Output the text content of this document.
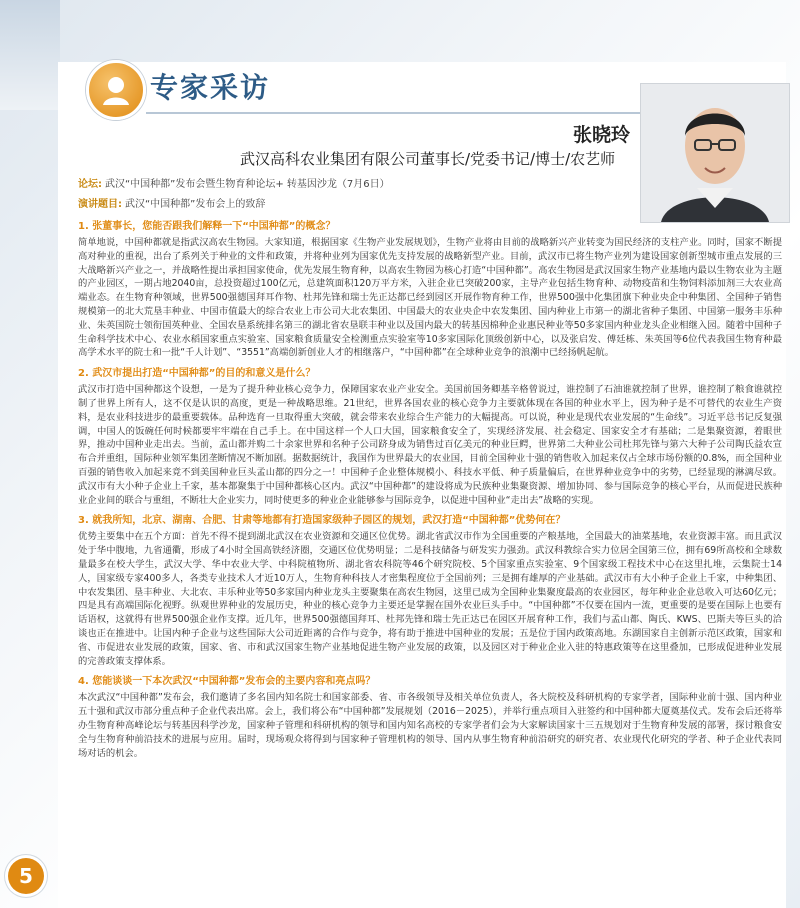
专家采访
张晓玲
武汉高科农业集团有限公司董事长/党委书记/博士/农艺师
论坛: 武汉“中国种都”发布会暨生物育种论坛+ 转基因沙龙（7月6日）
演讲题目: 武汉“中国种都”发布会上的致辞
1. 张董事长，您能否跟我们解释一下“中国种都”的概念？
简单地说，中国种都就是指武汉高农生物园。大家知道，根据国家《生物产业发展规划》，生物产业将由目前的战略新兴产业转变为国民经济的支柱产业。同时，国家不断提高对种业的重视，出台了系列关于种业的文件和政策，并将种业列为国家优先支持发展的战略新型产业。目前，武汉市已将生物产业列为建设国家创新型城市重点发展的三大战略新兴产业之一，并战略性提出承担国家使命，优先发展生物育种，以高农生物园为核心打造“中国种都”。高农生物园是武汉国家生物产业基地内最以生物农业为主题的产业园区，一期占地2040亩，总投资超过100亿元，总建筑面积120万平方米，入驻企业已突破200家，主导产业包括生物育种、动物疫苗和生物饲料添加剂三大农业高端业态。在生物育种领域，世界500强德国拜耳作物、杜邦先锋和瑞士先正达都已经到园区开展作物育种工作，世界500强中化集团旗下种业央企中种集团、全国种子销售规模第一的北大荒垦丰种业、中国市值最大的综合农业上市公司大北农集团、中国最大的农业央企中农发集团、国内种业上市第一的湖北省种子集团、中国第一服务丰乐种业、朱英国院士领衔国英种业、全国农垦系统排名第三的湖北省农垦联丰种业以及国内最大的转基因棉种企业惠民种业等50多家国内种业龙头企业相继入园。随着中国种子生命科学技术中心、农业水稻国家重点实验室、国家粮食质量安全检测重点实验室等10多家国际化顶级创新中心，以及张启发、傅廷栋、朱英国等6位代表我国生物育种最高学术水平的院士和一批“千人计划”、“3551”高端创新创业人才的相继落户，“中国种都”在全球种业竞争的浪潮中已经扬帆起航。
2. 武汉市提出打造“中国种都”的目的和意义是什么？
武汉市打造中国种都这个设想，一是为了提升种业核心竞争力，保障国家农业产业安全。美国前国务卿基辛格曾说过，谁控制了石油谁就控制了世界，谁控制了粮食谁就控制了世界上所有人，这不仅是认识的高度，更是一种战略思维。21世纪，世界各国农业的核心竞争力主要就体现在各国的种业水平上，因为种子是不可替代的农业生产资料，是农业科技进步的最重要载体。品种选育一旦取得重大突破，就会带来农业综合生产能力的大幅提高。可以说，种业是现代农业发展的“生命线”。习近平总书记反复强调，中国人的饭碗任何时候都要牢牢端在自己手上。在中国这样一个人口大国，国家粮食安全了，实现经济发展、社会稳定、国家安全才有基础；二是集聚资源，着眼世界，推动中国种业走出去。当前，孟山都并购二十余家世界和名种子公司跻身成为销售过百亿美元的种业巨鳄，世界第二大种业公司杜邦先锋与第六大种子公司陶氏益农宣布合并重组，国际种业领军集团垄断情况不断加剧。据数据统计，我国作为世界最大的农业国，目前全国种业十强的销售收入加起来仅占全球市场份额的0.8%，而全国种业百强的销售收入加起来竟不到美国种业巨头孟山都的四分之一！中国种子企业整体规模小、科技水平低、种子质量偏后，在世界种业竞争中的劣势，已经显现的淋漓尽致。武汉市有大小种子企业上千家，基本都聚集于中国种都核心区内。武汉“中国种都”的建设将成为民族种业集聚资源、增加协同、参与国际竞争的核心平台，从而促进民族种业企业间的联合与重组，不断壮大企业实力，同时使更多的种业企业能够参与国际竞争，以促进中国种业“走出去”战略的实现。
3. 就我所知，北京、湖南、合肥、甘肃等地都有打造国家级种子园区的规划，武汉打造“中国种都”优势何在？
优势主要集中在五个方面：首先不得不提到湖北武汉在农业资源和交通区位优势。湖北省武汉市作为全国重要的产粮基地，全国最大的油菜基地，农业资源丰富。而且武汉处于华中腹地，九省通衢，形成了4小时全国高铁经济圈，交通区位优势明显；二是科技储备与研发实力强劲。武汉科教综合实力位居全国第三位，拥有69所高校和全球数量最多在校大学生，武汉大学、华中农业大学、中科院植物所、湖北省农科院等46个研究院校、5个国家重点实验室、9个国家级工程技术中心在这里扎堆，云集院士14人，国家级专家400多人，各类专业技术人才近10万人，生物育种科技人才密集程度位于全国前列；三是拥有雄厚的产业基础。武汉市有大小种子企业上千家，中种集团、中农发集团、垦丰种业、大北农、丰乐种业等50多家国内种业龙头主要聚集在高农生物园，这里已成为全国种业集聚度最高的农业园区，每年种业企业总收入可达60亿元；四是具有高端国际化视野。纵观世界种业的发展历史，种业的核心竞争力主要还是掌握在国外农业巨头手中。“中国种都”不仅要在国内一流，更重要的是要在国际上也要有话语权，这就得有世界500强企业作支撑。近几年，世界500强德国拜耳、杜邦先锋和瑞士先正达已在园区开展育种工作，我们与孟山都、陶氏、KWS、巴斯夫等巨头的洽谈也正在推进中。让国内种子企业与这些国际大公司近距离的合作与竞争，将有助于推进中国种业的发展；五是位于国内政策高地。东湖国家自主创新示范区政策，国家和省、市促进农业发展的政策，国家、省、市和武汉国家生物产业基地促进生物产业发展的政策，以及园区对于种业企业入驻的特惠政策等在这里叠加，已形成促进种业发展的完善政策支撑体系。
4. 您能谈谈一下本次武汉“中国种都”发布会的主要内容和亮点吗？
本次武汉“中国种都”发布会，我们邀请了多名国内知名院士和国家部委、省、市各级领导及相关单位负责人，各大院校及科研机构的专家学者，国际种业前十强、国内种业五十强和武汉市部分重点种子企业代表出席。会上，我们将公布“中国种都”发展规划（2016－2025），并举行重点项目入驻签约和中国种都大厦奠基仪式。发布会后还将举办生物育种高峰论坛与转基因科学沙龙，国家种子管理和科研机构的领导和国内知名高校的专家学者们会为大家解读国家十三五规划对于生物育种发展的部署，探讨粮食安全与生物育种前沿技术的进展与应用。届时，现场观众将得到与国家种子管理机构的领导、国内从事生物育种前沿研究的研究者、农业现代化研究的学者、种子企业代表同场对话的机会。
5
